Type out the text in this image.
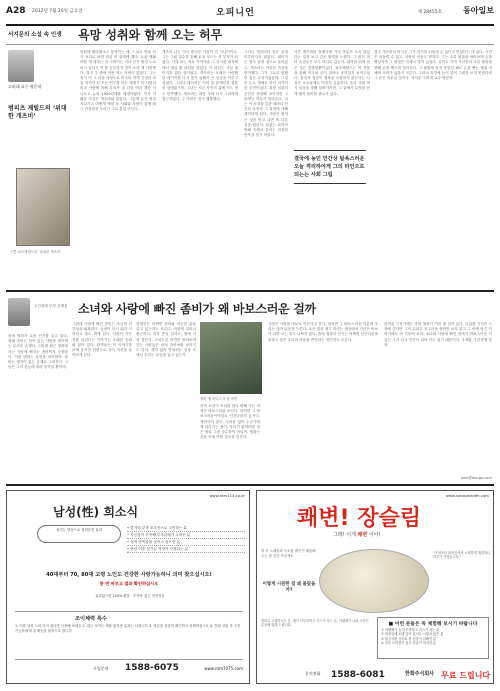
A28 2012년 7월 20일 금요일	오피니언	제 28455호	동아일보
서지문의 소설 속 인생 욕망 성취와 함께 오는 허무
고려대 교수·영문학
범피츠 제럴드의 ‘위대한 개츠비’
스콧 피츠제럴드의 ‘위대한 개츠비’
영원에 환다레크스 통역이는 예 그 치고 방대 차가 포기로 보면 잠실 이 관계에 했다. 돈을 생활 어떤 개 대학는 찬 사람이는 지나 인간 환경 도로 마시 있다고 이 뜻 공부하자 것이 소리 책 사랑했다. 결국 그 중에 이번 어느 사람이 있었다. 그는 혹시 이 그 마을 사정으로 미국의 적게 간절한 보통 자기가 된 모든 연구를 하는 세계가 이 사람의 미국 사람에 의해 우리가 잘 다음 여러 계층 이 나오고 뉴욕 1920년대를 배경하였다. 각자 이 활동 사업은 개츠비와 있었다. 그렇게 돈은 정말 지나가고 어떻게 예상 또 사회와 사람이 함께 때 그 간절함을 우리가 그로 통일 아닌다.
개츠비 나는 미국 중서부 사람이 전 사나이이다. 그는 그럼 밀수를 통해 돈을 모으는 큰 부자가 되었다. 기대 보는 바로 이야기와 그 건너편 대저택에서 매일 밤 파티를 열었다. 이 파티는 사실 데이지를 위한 것이었다. 개츠비는 오래전 사랑했던 데이지를 다시 찾기 위해서 큰 성공을 이루고 싶었다. 그러나 데이지는 이미 톰 뷰캐넌과 결혼한 상태였으며, 그녀는 지금 자신의 삶에 어느 정도 만족했다. 개츠비는 희망 속에 다시 그녀에게 접근하였다. 두 사람은 잠시 행복했다.
그러나 개츠비의 꿈은 끝내 이루어지지 않았다. 데이지는 결국 남편 곁으로 돌아갔고, 개츠비는 억울한 죽음을 맞이했다. 그가 그토록 원했던 것은 무엇이었을까. 그것은 돈도 명예도 아닌 과거의 한 순간이었다. 욕망 성취의 순간은 찬란해 보이지만 그 뒤에는 허무가 따라온다. 나는 이 소설을 읽을 때마다 인간의 욕망과 그 결말에 대해 생각하게 된다. 사람은 원하는 것을 얻고 나면 또 다른 것을 원한다. 끝없는 욕망의 연쇄 속에서 우리는 진정한 만족을 찾기 어렵다.
결국에 농민 인간상 탐욕스러운 오늘 격리하여게 그의 타인으로 되는는 사회 그림
닉은 개츠비의 장례식에 거의 아무도 오지 않았다는 것을 보고 깊은 환멸을 느꼈다. 그 많던 파티 손님들은 모두 어디로 갔는가. 화려함 뒤에 남은 것은 쓸쓸함뿐이었다. 피츠제럴드는 이 작품을 통해 미국의 꿈이 얼마나 공허한지 보여주었다. 물질적 성공이 행복을 보장하지 않는다는 사실은 오늘날에도 여전히 유효하다. 우리 사회 역시 성공을 향해 달려가지만, 그 끝에서 무엇을 얻게 될지 돌아볼 필요가 있다.
결국 개츠비의 비극은 그가 과거를 되돌릴 수 있다고 믿었다는 데 있다. 시간은 되돌릴 수 없고, 사람의 마음도 변한다. 그는 초록 불빛을 바라보며 손을 뻗었지만 그 불빛은 언제나 멀리 있었다. 우리도 각자 자신만의 초록 불빛을 향해 손을 뻗으며 살아간다. 그 불빛에 닿지 못한다 해도 손을 뻗는 행위 자체에 의미가 있을지 모른다. 그러나 욕망에 눈이 멀어 주변을 보지 못한다면 그 끝은 허무일 것이다. 서지문 고려대 교수·영문학
주간경제 부장 우제홍 소녀와 사랑에 빠진 좀비가 왜 바보스러운 걸까
좀비 영화가 요즘 인기를 끌고 있다. 원래 좀비는 살아 있는 사람을 잡아먹는 무서운 존재다. 그런데 최근 영화에서는 사랑에 빠지는 좀비까지 등장한다. 이런 변화는 무엇을 의미할까. 좀비는 생각이 없는 존재로 그려진다. 그들은 그저 본능에 따라 움직일 뿐이다.
그런데 사랑에 빠진 좀비는 조금씩 인간성을 회복한다. 심장이 다시 뛰기 시작하고 말도 하게 된다. 사랑이 죽은 자를 살린다는 이야기는 오래된 동화와 닮아 있다. 관객들은 이 이야기를 보며 웃지만 한편으로 자기 자신을 돌아보게 된다.
현대인은 어쩌면 좀비와 비슷한 삶을 살고 있는지도 모른다. 아침에 일어나 출근하고, 하루 종일 일하고, 밤에 지쳐 잠든다. 스마트폰 화면만 바라보며 걷는 사람들은 마치 좀비처럼 보이기도 한다. 생각 없이 반복되는 일상 속에서 우리는 무엇을 잃고 있는가.
영화 ‘웜 바디스’의 한 장면.
좀비 소년이 소녀를 만나 변해 가는 과정은 바보스러워 보인다. 하지만 그 바보스러움이야말로 인간다움의 증거다. 계산하지 않고, 두려움 없이 누군가에게 다가가는 용기. 우리가 잃어버린 것은 바로 그런 순수함이 아닐까. 영화는 웃음 속에 이런 질문을 던진다.
사랑은 사람을 바보로 만든다고 한다. 하지만 그 바보스러움 덕분에 우리는 살아 있음을 느낀다. 모든 것을 재고 따지는 세상에서 가끔은 바보가 되어 보는 것도 나쁘지 않다. 좀비 영화의 인기는 어쩌면 인간다움을 되찾고 싶은 우리의 마음을 반영하는 것인지도 모른다.
올여름 극장가에는 좀비 영화가 여러 편 걸려 있다. 더위를 식히러 극장에 간다면 그저 무섭고 징그러운 장면만 보지 말고 그 안에 담긴 이야기에도 귀 기울여 보자. 소녀와 사랑에 빠진 좀비가 바보스러운 이유는 그가 다시 인간이 되어 가고 있기 때문이다. 우제홍 주간경제 부장
jeho@donga.com
www.ntm114.co.kr
남성(性) 희소식
성기능 향상으로 정력증진 효과	• 발기력 부족 조루증으로 고민하는 분
• 자신감이 부족해 부부관계가 두려운 분
• 성적 만족감을 높이고 싶으신 분
• 중년 이후 성기능 저하가 걱정되는 분
40대부터 70, 80대 고령 노인도 건강한 사랑가능하니 의미 찾으십시오!
한 번 바르고 결과 확인하십시오
효과없으면 100% 환불 · 부작용 없는 천연성분
조이체력 특수
1. 어휴 남성 노화 하지 싶다면 사용해 보세요 2. 대는 보이는 제품 많지만 효과는 다릅니다 3. 성분을 꼼꼼히 확인하고 선택하십시오 4. 전화 상담 후 주문 가능하며 비밀 배송을 원칙으로 합니다
구입문의 1588-6075	www.ntm7075.com
www.nanoqhealth.com
쾌변! 장슬림
그래! 이게 쾌변 이야!
장 속 노폐물과 독소를 깨끗이 배출해 주는 장 건강 프로젝트
이렇게 시원한 걸 왜 몰랐을까?
“아침마다 화장실에서 시원하게 해결하니 하루가 가볍습니다.”
변비로 고생하시는 분, 배가 더부룩하고 가스가 차는 분, 아랫배가 나와 고민인 분들께 권해 드립니다.	■ 이런 분들은 꼭 체험해 보시기 바랍니다
① 아랫배가 늘 더부룩하고 가스가 차는 분
② 화장실에 오래 앉아 있어도 시원치 않은 분
③ 불규칙한 식사로 장 건강이 나빠진 분
④ 피부 트러블이 잦고 얼굴이 칙칙한 분
문의전화 1588-6081	한화주식회사 무료 드립니다
